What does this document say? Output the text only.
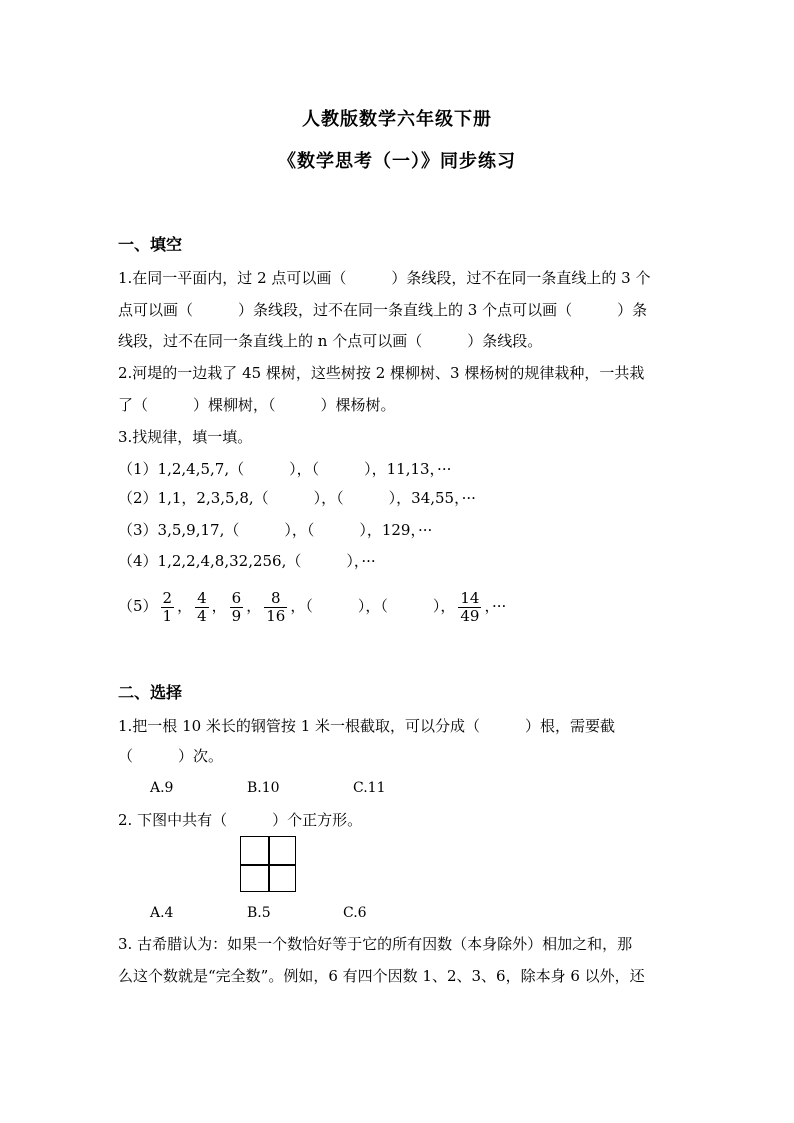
人教版数学六年级下册
《数学思考（一）》同步练习
一、填空
1.在同一平面内，过 2 点可以画（　　　）条线段，过不在同一条直线上的 3 个
点可以画（　　　）条线段，过不在同一条直线上的 3 个点可以画（　　　）条
线段，过不在同一条直线上的 n 个点可以画（　　　）条线段。
2.河堤的一边栽了 45 棵树，这些树按 2 棵柳树、3 棵杨树的规律栽种，一共栽
了（　　　）棵柳树，（　　　）棵杨树。
3.找规律，填一填。
（1）1,2,4,5,7,（　　　），（　　　），11,13，···
（2）1,1，2,3,5,8,（　　　），（　　　），34,55，···
（3）3,5,9,17,（　　　），（　　　），129，···
（4）1,2,2,4,8,32,256,（　　　），···
$(5) \frac{2}{1}$ ， $\frac{4}{4}$ ， $\frac{6}{9}$ ， $\frac{8}{16}$ ，（　　　），（　　　）， $\frac{14}{49}$ ，···
二、选择
1.把一根 10 米长的钢管按 1 米一根截取，可以分成（　　　）根，需要截
（　　　）次。
A.9	B.10	C.11
2. 下图中共有（　　　）个正方形。
A.4	B.5	C.6
3. 古希腊认为：如果一个数恰好等于它的所有因数（本身除外）相加之和，那
么这个数就是“完全数”。例如，6 有四个因数 1、2、3、6，除本身 6 以外，还
